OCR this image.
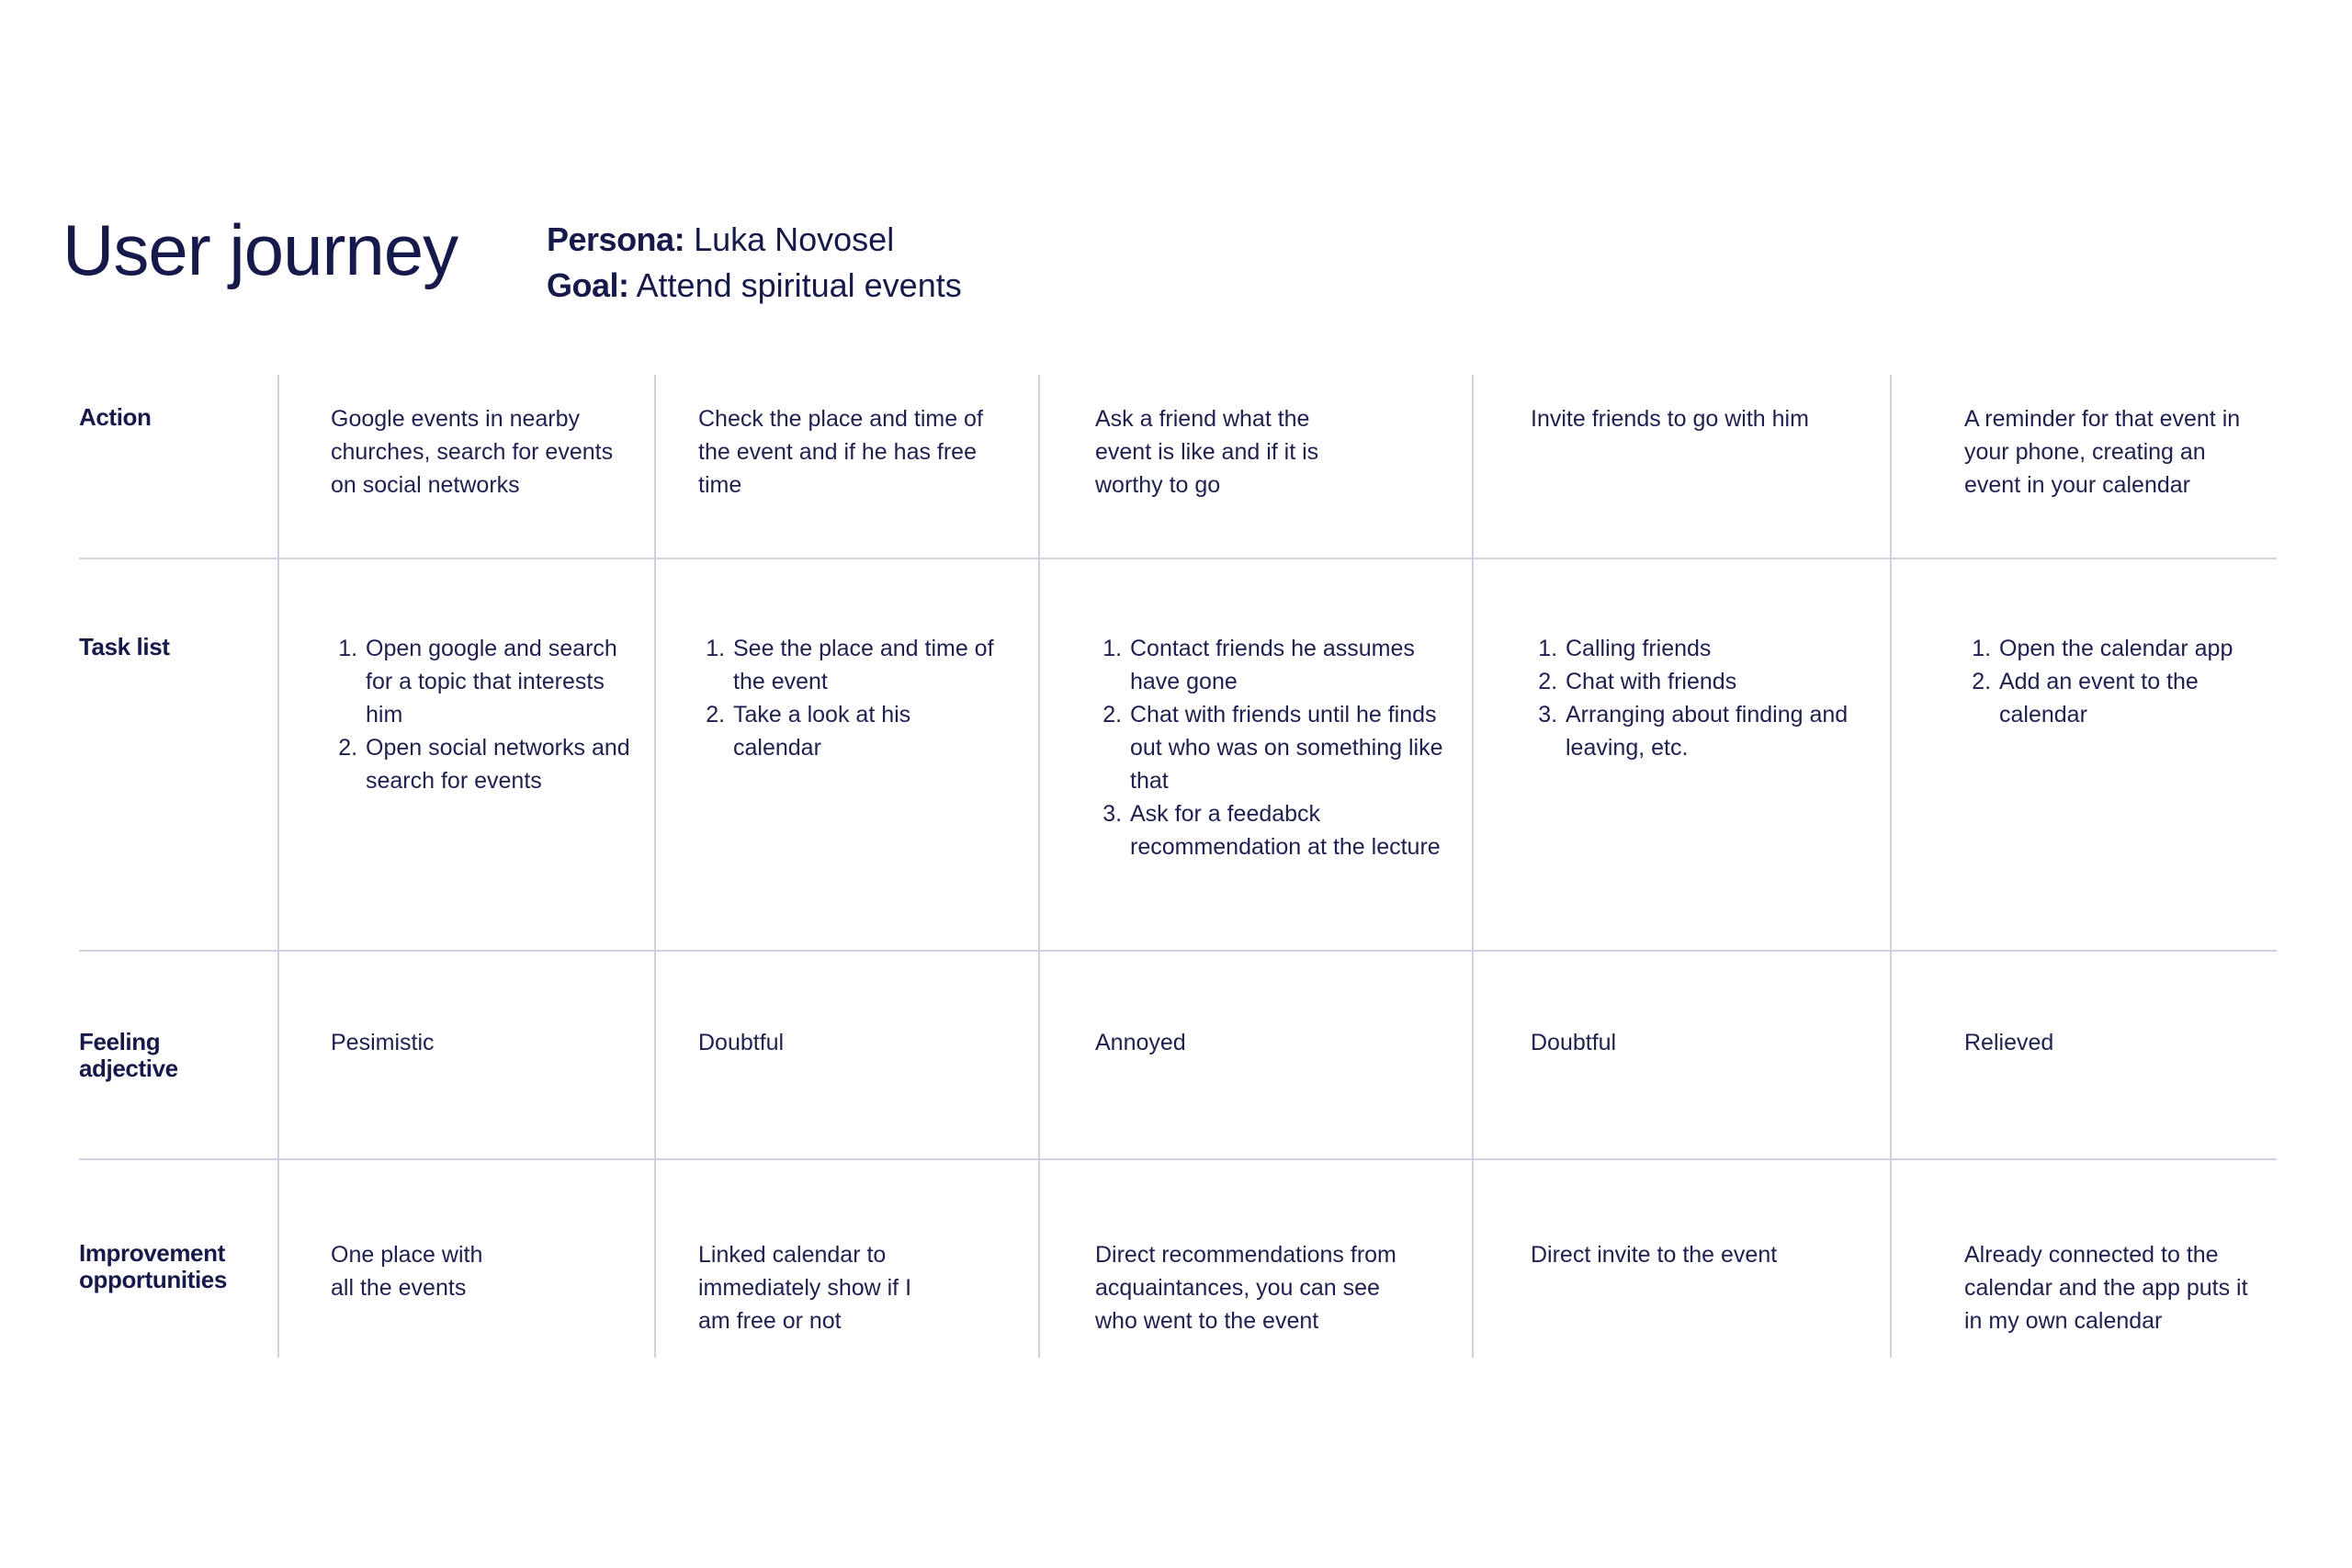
User journey	Persona: Luka Novosel
Goal: Attend spiritual events
Action
Task list
Feeling adjective
Improvement opportunities
Google events in nearby churches, search for events on social networks
1. Open google and search for a topic that interests him
2. Open social networks and search for events
Pesimistic
One place with all the events
Check the place and time of the event and if he has free time
1. See the place and time of the event
2. Take a look at his calendar
Doubtful
Linked calendar to immediately show if I am free or not
Ask a friend what the event is like and if it is worthy to go
1. Contact friends he assumes have gone
2. Chat with friends until he finds out who was on something like that
3. Ask for a feedabck recommendation at the lecture
Annoyed
Direct recommendations from acquaintances, you can see who went to the event
Invite friends to go with him
1. Calling friends
2. Chat with friends
3. Arranging about finding and leaving, etc.
Doubtful
Direct invite to the event
A reminder for that event in your phone, creating an event in your calendar
1. Open the calendar app
2. Add an event to the calendar
Relieved
Already connected to the calendar and the app puts it in my own calendar
